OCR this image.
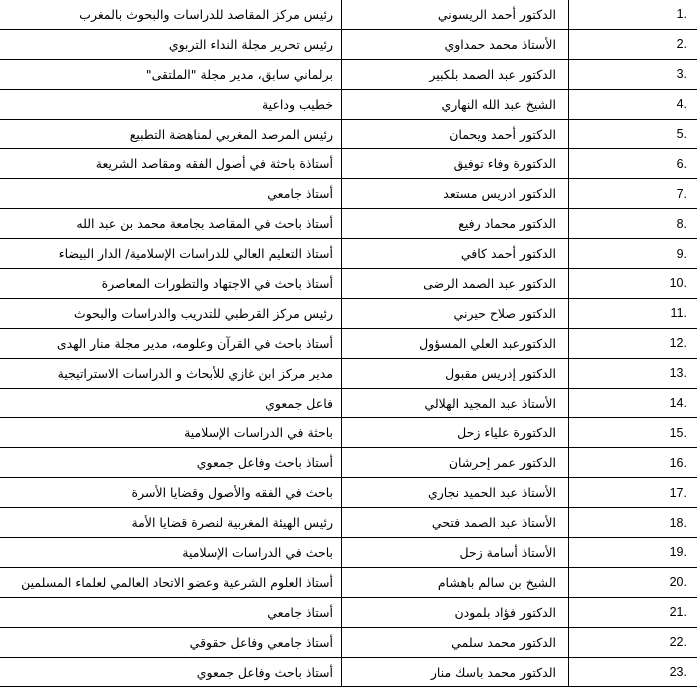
رئيس مركز المقاصد للدراسات والبحوث بالمغرب	الدكتور أحمد الريسوني	1.
رئيس تحرير مجلة النداء التربوي	الأستاذ محمد حمداوي	2.
برلماني سابق، مدير مجلة "الملتقى"	الدكتور عبد الصمد بلكبير	3.
خطيب وداعية	الشيخ عبد الله النهاري	4.
رئيس المرصد المغربي لمناهضة التطبيع	الدكتور أحمد ويحمان	5.
أستاذة باحثة في أصول الفقه ومقاصد الشريعة	الدكتورة وفاء توفيق	6.
أستاذ جامعي	الدكتور ادريس مستعد	7.
أستاذ باحث في المقاصد بجامعة محمد بن عبد الله	الدكتور محماد رفيع	8.
أستاذ التعليم العالي للدراسات الإسلامية/ الدار البيضاء	الدكتور أحمد كافي	9.
أستاذ باحث في الاجتهاد والتطورات المعاصرة	الدكتور عبد الصمد الرضى	10.
رئيس مركز القرطبي للتدريب والدراسات والبحوث	الدكتور صلاح حيرني	11.
أستاذ باحث في القرآن وعلومه، مدير مجلة منار الهدى	الدكتورعبد العلي المسؤول	12.
مدير مركز ابن غازي للأبحاث و الدراسات الاستراتيجية	الدكتور إدريس مقبول	13.
فاعل جمعوي	الأستاذ عبد المجيد الهلالي	14.
باحثة في الدراسات الإسلامية	الدكتورة علياء زحل	15.
أستاذ باحث وفاعل جمعوي	الدكتور عمر إحرشان	16.
باحث في الفقه والأصول وقضايا الأسرة	الأستاذ عبد الحميد نجاري	17.
رئيس الهيئة المغربية لنصرة قضايا الأمة	الأستاذ عبد الصمد فتحي	18.
باحث في الدراسات الإسلامية	الأستاذ أسامة زحل	19.
أستاذ العلوم الشرعية وعضو الاتحاد العالمي لعلماء المسلمين	الشيخ بن سالم باهشام	20.
أستاذ جامعي	الدكتور فؤاد بلمودن	21.
أستاذ جامعي وفاعل حقوقي	الدكتور محمد سلمي	22.
أستاذ باحث وفاعل جمعوي	الدكتور محمد باسك منار	23.
